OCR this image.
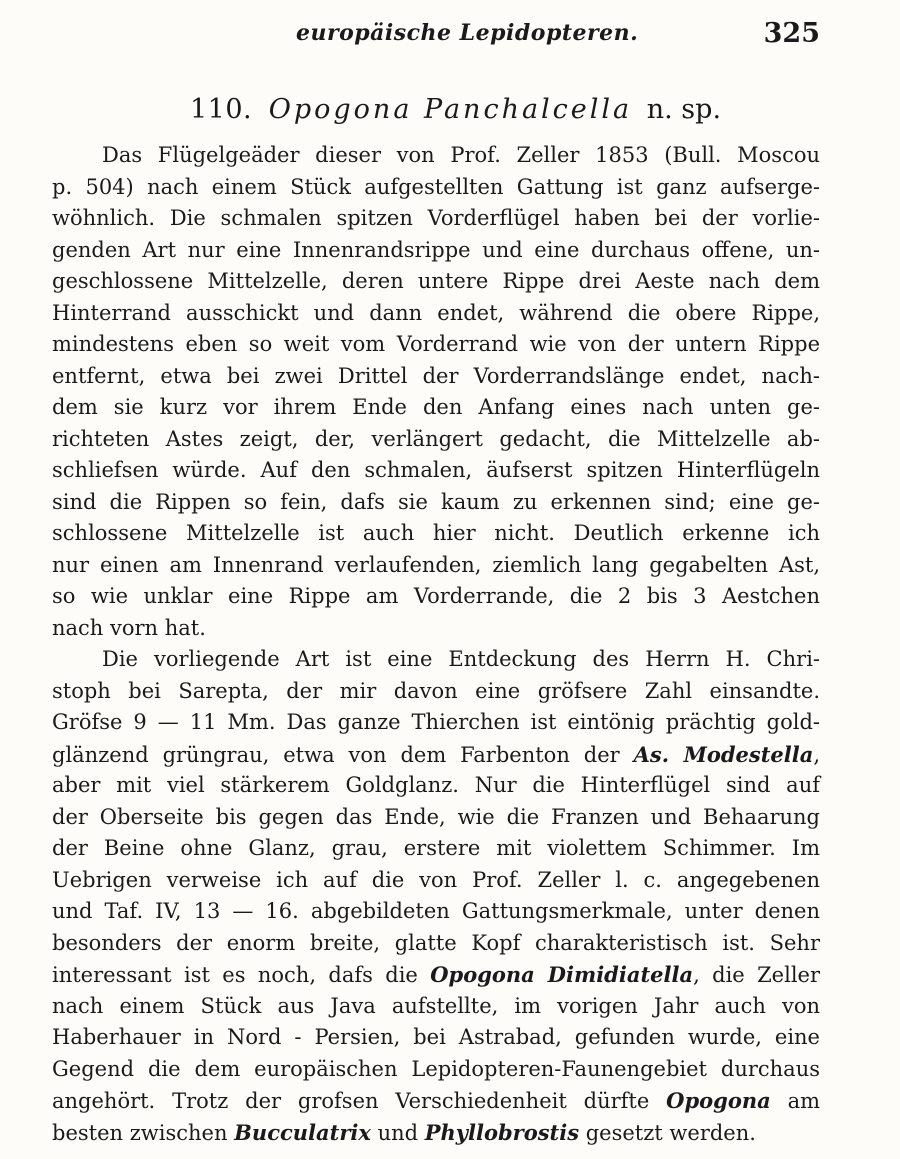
europäische Lepidopteren.	325
110. Opogona Panchalcella n. sp.
Das Flügelgeäder dieser von Prof. Zeller 1853 (Bull. Moscou
p. 504) nach einem Stück aufgestellten Gattung ist ganz aufserge-
wöhnlich. Die schmalen spitzen Vorderflügel haben bei der vorlie-
genden Art nur eine Innenrandsrippe und eine durchaus offene, un-
geschlossene Mittelzelle, deren untere Rippe drei Aeste nach dem
Hinterrand ausschickt und dann endet, während die obere Rippe,
mindestens eben so weit vom Vorderrand wie von der untern Rippe
entfernt, etwa bei zwei Drittel der Vorderrandslänge endet, nach-
dem sie kurz vor ihrem Ende den Anfang eines nach unten ge-
richteten Astes zeigt, der, verlängert gedacht, die Mittelzelle ab-
schliefsen würde. Auf den schmalen, äufserst spitzen Hinterflügeln
sind die Rippen so fein, dafs sie kaum zu erkennen sind; eine ge-
schlossene Mittelzelle ist auch hier nicht. Deutlich erkenne ich
nur einen am Innenrand verlaufenden, ziemlich lang gegabelten Ast,
so wie unklar eine Rippe am Vorderrande, die 2 bis 3 Aestchen
nach vorn hat.
Die vorliegende Art ist eine Entdeckung des Herrn H. Chri-
stoph bei Sarepta, der mir davon eine gröfsere Zahl einsandte.
Gröfse 9 — 11 Mm. Das ganze Thierchen ist eintönig prächtig gold-
glänzend grüngrau, etwa von dem Farbenton der As. Modestella,
aber mit viel stärkerem Goldglanz. Nur die Hinterflügel sind auf
der Oberseite bis gegen das Ende, wie die Franzen und Behaarung
der Beine ohne Glanz, grau, erstere mit violettem Schimmer. Im
Uebrigen verweise ich auf die von Prof. Zeller l. c. angegebenen
und Taf. IV, 13 — 16. abgebildeten Gattungsmerkmale, unter denen
besonders der enorm breite, glatte Kopf charakteristisch ist. Sehr
interessant ist es noch, dafs die Opogona Dimidiatella, die Zeller
nach einem Stück aus Java aufstellte, im vorigen Jahr auch von
Haberhauer in Nord - Persien, bei Astrabad, gefunden wurde, eine
Gegend die dem europäischen Lepidopteren-Faunengebiet durchaus
angehört. Trotz der grofsen Verschiedenheit dürfte Opogona am
besten zwischen Bucculatrix und Phyllobrostis gesetzt werden.
